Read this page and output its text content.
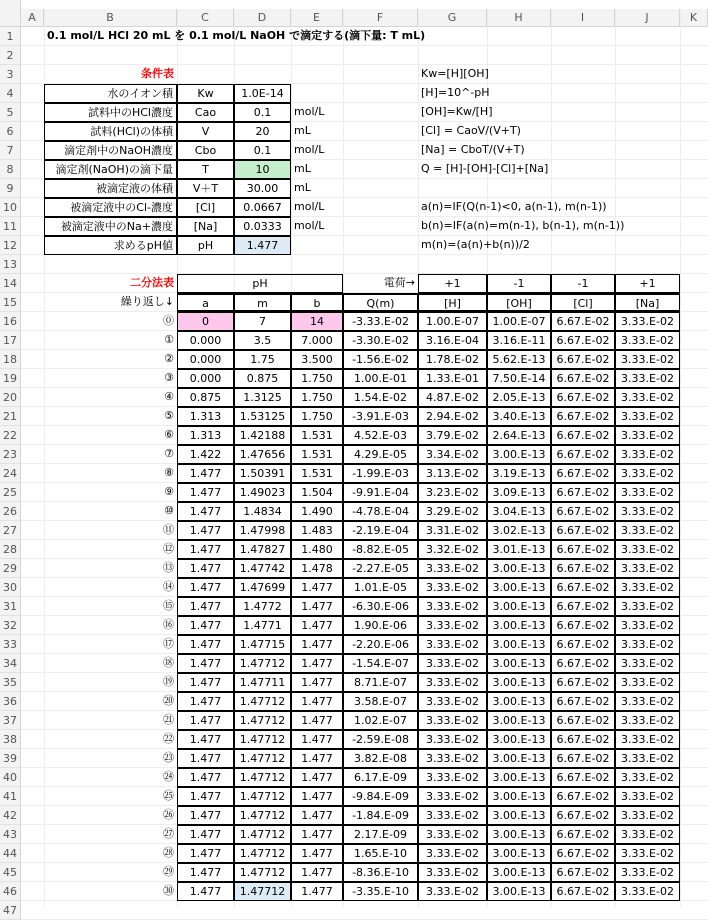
A	B	C	D	E	F	G	H	I	J	K
1
2
3
4
5
6
7
8
9
10
11
12
13
14
15
16
17
18
19
20
21
22
23
24
25
26
27
28
29
30
31
32
33
34
35
36
37
38
39
40
41
42
43
44
45
46
47
0.1 mol/L HCl 20 mL を 0.1 mol/L NaOH で滴定する(滴下量: T mL)
条件表
水のイオン積	Kw	1.0E-14
試料中のHCl濃度	Cao	0.1	mol/L
試料(HCl)の体積	V	20	mL
滴定剤中のNaOH濃度	Cbo	0.1	mol/L
滴定剤(NaOH)の滴下量	T	10	mL
被滴定液の体積	V＋T	30.00	mL
被滴定液中のCl-濃度	[Cl]	0.0667	mol/L
被滴定液中のNa+濃度	[Na]	0.0333	mol/L
求めるpH値	pH	1.477
Kw=[H][OH]
[H]=10^-pH
[OH]=Kw/[H]
[Cl] = CaoV/(V+T)
[Na] = CboT/(V+T)
Q = [H]-[OH]-[Cl]+[Na]
a(n)=IF(Q(n-1)<0, a(n-1), m(n-1))
b(n)=IF(a(n)=m(n-1), b(n-1), m(n-1))
m(n)=(a(n)+b(n))/2
二分法表	pH	電荷→	+1	-1	-1	+1
繰り返し↓	a	m	b	Q(m)	[H]	[OH]	[Cl]	[Na]
⓪	0	7	14	-3.33.E-02	1.00.E-07	1.00.E-07	6.67.E-02	3.33.E-02
①	0.000	3.5	7.000	-3.30.E-02	3.16.E-04	3.16.E-11	6.67.E-02	3.33.E-02
②	0.000	1.75	3.500	-1.56.E-02	1.78.E-02	5.62.E-13	6.67.E-02	3.33.E-02
③	0.000	0.875	1.750	1.00.E-01	1.33.E-01	7.50.E-14	6.67.E-02	3.33.E-02
④	0.875	1.3125	1.750	1.54.E-02	4.87.E-02	2.05.E-13	6.67.E-02	3.33.E-02
⑤	1.313	1.53125	1.750	-3.91.E-03	2.94.E-02	3.40.E-13	6.67.E-02	3.33.E-02
⑥	1.313	1.42188	1.531	4.52.E-03	3.79.E-02	2.64.E-13	6.67.E-02	3.33.E-02
⑦	1.422	1.47656	1.531	4.29.E-05	3.34.E-02	3.00.E-13	6.67.E-02	3.33.E-02
⑧	1.477	1.50391	1.531	-1.99.E-03	3.13.E-02	3.19.E-13	6.67.E-02	3.33.E-02
⑨	1.477	1.49023	1.504	-9.91.E-04	3.23.E-02	3.09.E-13	6.67.E-02	3.33.E-02
⑩	1.477	1.4834	1.490	-4.78.E-04	3.29.E-02	3.04.E-13	6.67.E-02	3.33.E-02
⑪	1.477	1.47998	1.483	-2.19.E-04	3.31.E-02	3.02.E-13	6.67.E-02	3.33.E-02
⑫	1.477	1.47827	1.480	-8.82.E-05	3.32.E-02	3.01.E-13	6.67.E-02	3.33.E-02
⑬	1.477	1.47742	1.478	-2.27.E-05	3.33.E-02	3.00.E-13	6.67.E-02	3.33.E-02
⑭	1.477	1.47699	1.477	1.01.E-05	3.33.E-02	3.00.E-13	6.67.E-02	3.33.E-02
⑮	1.477	1.4772	1.477	-6.30.E-06	3.33.E-02	3.00.E-13	6.67.E-02	3.33.E-02
⑯	1.477	1.4771	1.477	1.90.E-06	3.33.E-02	3.00.E-13	6.67.E-02	3.33.E-02
⑰	1.477	1.47715	1.477	-2.20.E-06	3.33.E-02	3.00.E-13	6.67.E-02	3.33.E-02
⑱	1.477	1.47712	1.477	-1.54.E-07	3.33.E-02	3.00.E-13	6.67.E-02	3.33.E-02
⑲	1.477	1.47711	1.477	8.71.E-07	3.33.E-02	3.00.E-13	6.67.E-02	3.33.E-02
⑳	1.477	1.47712	1.477	3.58.E-07	3.33.E-02	3.00.E-13	6.67.E-02	3.33.E-02
㉑	1.477	1.47712	1.477	1.02.E-07	3.33.E-02	3.00.E-13	6.67.E-02	3.33.E-02
㉒	1.477	1.47712	1.477	-2.59.E-08	3.33.E-02	3.00.E-13	6.67.E-02	3.33.E-02
㉓	1.477	1.47712	1.477	3.82.E-08	3.33.E-02	3.00.E-13	6.67.E-02	3.33.E-02
㉔	1.477	1.47712	1.477	6.17.E-09	3.33.E-02	3.00.E-13	6.67.E-02	3.33.E-02
㉕	1.477	1.47712	1.477	-9.84.E-09	3.33.E-02	3.00.E-13	6.67.E-02	3.33.E-02
㉖	1.477	1.47712	1.477	-1.84.E-09	3.33.E-02	3.00.E-13	6.67.E-02	3.33.E-02
㉗	1.477	1.47712	1.477	2.17.E-09	3.33.E-02	3.00.E-13	6.67.E-02	3.33.E-02
㉘	1.477	1.47712	1.477	1.65.E-10	3.33.E-02	3.00.E-13	6.67.E-02	3.33.E-02
㉙	1.477	1.47712	1.477	-8.36.E-10	3.33.E-02	3.00.E-13	6.67.E-02	3.33.E-02
㉚	1.477	1.47712	1.477	-3.35.E-10	3.33.E-02	3.00.E-13	6.67.E-02	3.33.E-02
